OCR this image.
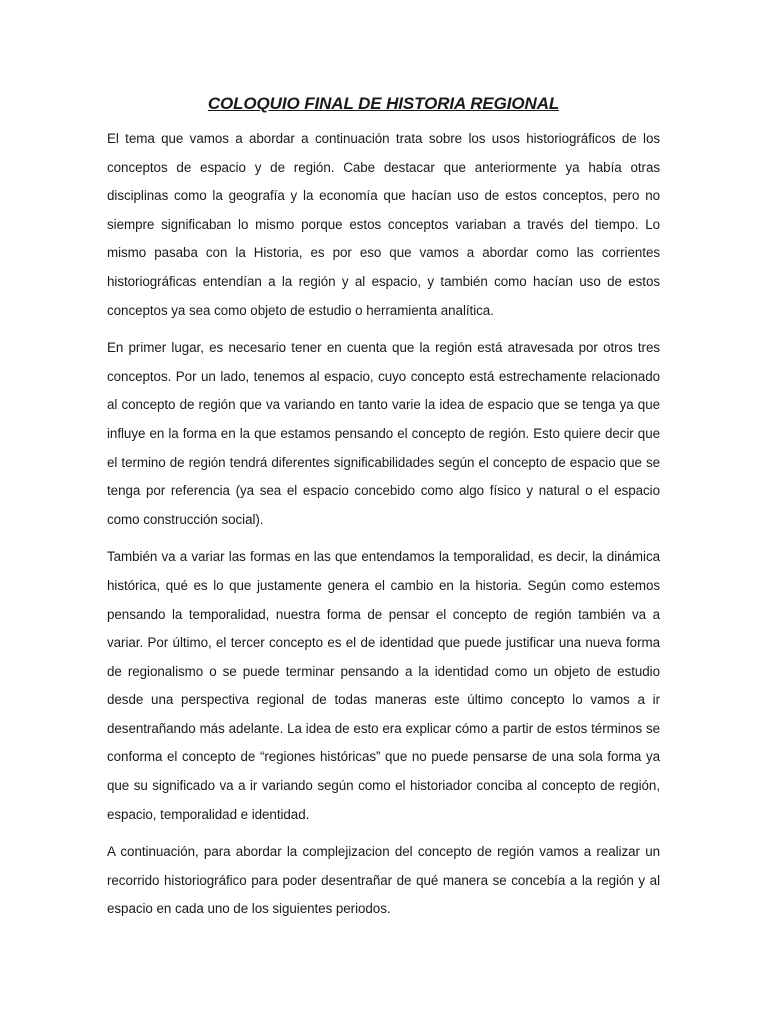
COLOQUIO FINAL DE HISTORIA REGIONAL

El tema que vamos a abordar a continuación trata sobre los usos historiográficos de los conceptos de espacio y de región. Cabe destacar que anteriormente ya había otras disciplinas como la geografía y la economía que hacían uso de estos conceptos, pero no siempre significaban lo mismo porque estos conceptos variaban a través del tiempo. Lo mismo pasaba con la Historia, es por eso que vamos a abordar como las corrientes historiográficas entendían a la región y al espacio, y también como hacían uso de estos conceptos ya sea como objeto de estudio o herramienta analítica.

En primer lugar, es necesario tener en cuenta que la región está atravesada por otros tres conceptos. Por un lado, tenemos al espacio, cuyo concepto está estrechamente relacionado al concepto de región que va variando en tanto varie la idea de espacio que se tenga ya que influye en la forma en la que estamos pensando el concepto de región. Esto quiere decir que el termino de región tendrá diferentes significabilidades según el concepto de espacio que se tenga por referencia (ya sea el espacio concebido como algo físico y natural o el espacio como construcción social).

También va a variar las formas en las que entendamos la temporalidad, es decir, la dinámica histórica, qué es lo que justamente genera el cambio en la historia. Según como estemos pensando la temporalidad, nuestra forma de pensar el concepto de región también va a variar. Por último, el tercer concepto es el de identidad que puede justificar una nueva forma de regionalismo o se puede terminar pensando a la identidad como un objeto de estudio desde una perspectiva regional de todas maneras este último concepto lo vamos a ir desentrañando más adelante. La idea de esto era explicar cómo a partir de estos términos se conforma el concepto de “regiones históricas” que no puede pensarse de una sola forma ya que su significado va a ir variando según como el historiador conciba al concepto de región, espacio, temporalidad e identidad.

A continuación, para abordar la complejizacion del concepto de región vamos a realizar un recorrido historiográfico para poder desentrañar de qué manera se concebía a la región y al espacio en cada uno de los siguientes periodos.
